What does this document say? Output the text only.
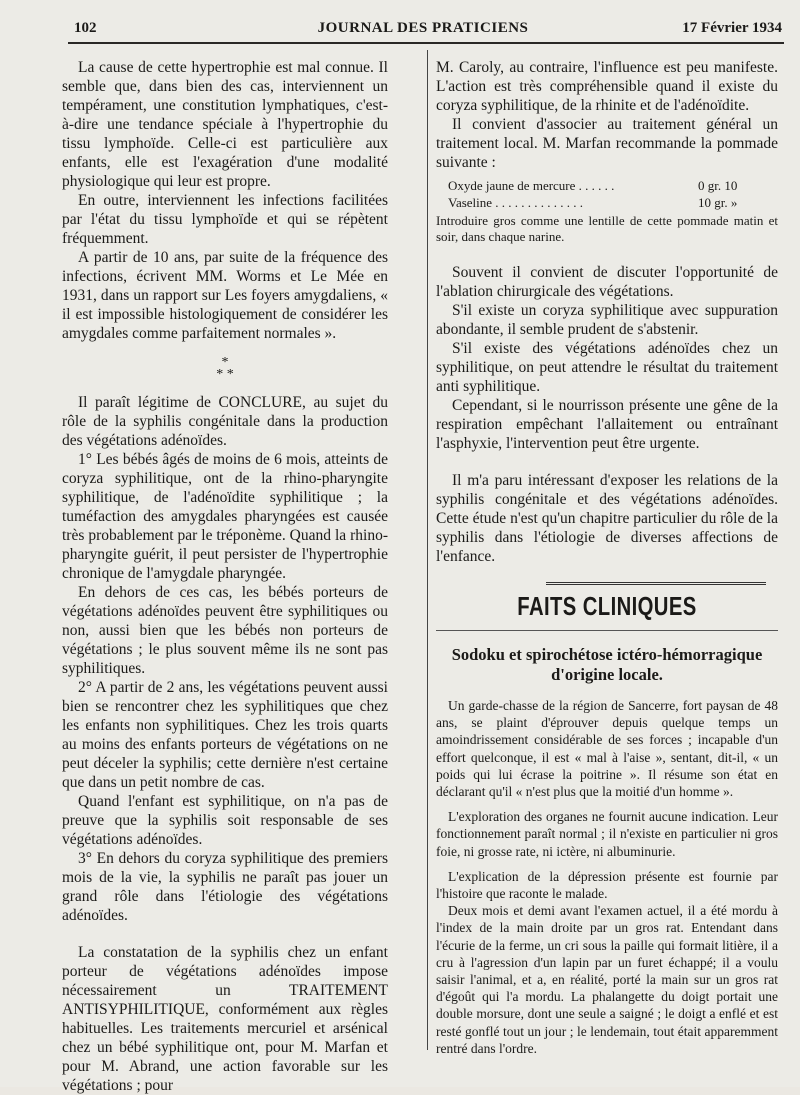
102	JOURNAL DES PRATICIENS	17 Février 1934

La cause de cette hypertrophie est mal connue. Il semble que, dans bien des cas, interviennent un tempérament, une constitution lymphatiques, c'est-à-dire une tendance spéciale à l'hypertrophie du tissu lymphoïde. Celle-ci est particulière aux enfants, elle est l'exagération d'une modalité physiologique qui leur est propre.

En outre, interviennent les infections facilitées par l'état du tissu lymphoïde et qui se répètent fréquemment.

A partir de 10 ans, par suite de la fréquence des infections, écrivent MM. Worms et Le Mée en 1931, dans un rapport sur Les foyers amygdaliens, « il est impossible histologiquement de considérer les amygdales comme parfaitement normales ».

*
* *

Il paraît légitime de CONCLURE, au sujet du rôle de la syphilis congénitale dans la production des végétations adénoïdes.

1° Les bébés âgés de moins de 6 mois, atteints de coryza syphilitique, ont de la rhino-pharyngite syphilitique, de l'adénoïdite syphilitique ; la tuméfaction des amygdales pharyngées est causée très probablement par le tréponème. Quand la rhino-pharyngite guérit, il peut persister de l'hypertrophie chronique de l'amygdale pharyngée.

En dehors de ces cas, les bébés porteurs de végétations adénoïdes peuvent être syphilitiques ou non, aussi bien que les bébés non porteurs de végétations ; le plus souvent même ils ne sont pas syphilitiques.

2° A partir de 2 ans, les végétations peuvent aussi bien se rencontrer chez les syphilitiques que chez les enfants non syphilitiques. Chez les trois quarts au moins des enfants porteurs de végétations on ne peut déceler la syphilis; cette dernière n'est certaine que dans un petit nombre de cas.

Quand l'enfant est syphilitique, on n'a pas de preuve que la syphilis soit responsable de ses végétations adénoïdes.

3° En dehors du coryza syphilitique des premiers mois de la vie, la syphilis ne paraît pas jouer un grand rôle dans l'étiologie des végétations adénoïdes.

La constatation de la syphilis chez un enfant porteur de végétations adénoïdes impose nécessairement un TRAITEMENT ANTISYPHILITIQUE, conformément aux règles habituelles. Les traitements mercuriel et arsénical chez un bébé syphilitique ont, pour M. Marfan et pour M. Abrand, une action favorable sur les végétations ; pour

M. Caroly, au contraire, l'influence est peu manifeste. L'action est très compréhensible quand il existe du coryza syphilitique, de la rhinite et de l'adénoïdite.

Il convient d'associer au traitement général un traitement local. M. Marfan recommande la pommade suivante :

Oxyde jaune de mercure . . . . . .	0 gr. 10
Vaseline . . . . . . . . . . . . . .	10 gr. »
Introduire gros comme une lentille de cette pommade matin et soir, dans chaque narine.

Souvent il convient de discuter l'opportunité de l'ablation chirurgicale des végétations.

S'il existe un coryza syphilitique avec suppuration abondante, il semble prudent de s'abstenir.

S'il existe des végétations adénoïdes chez un syphilitique, on peut attendre le résultat du traitement anti syphilitique.

Cependant, si le nourrisson présente une gêne de la respiration empêchant l'allaitement ou entraînant l'asphyxie, l'intervention peut être urgente.

Il m'a paru intéressant d'exposer les relations de la syphilis congénitale et des végétations adénoïdes. Cette étude n'est qu'un chapitre particulier du rôle de la syphilis dans l'étiologie de diverses affections de l'enfance.

FAITS CLINIQUES
Sodoku et spirochétose ictéro-hémorragique d'origine locale.

Un garde-chasse de la région de Sancerre, fort paysan de 48 ans, se plaint d'éprouver depuis quelque temps un amoindrissement considérable de ses forces ; incapable d'un effort quelconque, il est « mal à l'aise », sentant, dit-il, « un poids qui lui écrase la poitrine ». Il résume son état en déclarant qu'il « n'est plus que la moitié d'un homme ».

L'exploration des organes ne fournit aucune indication. Leur fonctionnement paraît normal ; il n'existe en particulier ni gros foie, ni grosse rate, ni ictère, ni albuminurie.

L'explication de la dépression présente est fournie par l'histoire que raconte le malade.

Deux mois et demi avant l'examen actuel, il a été mordu à l'index de la main droite par un gros rat. Entendant dans l'écurie de la ferme, un cri sous la paille qui formait litière, il a cru à l'agression d'un lapin par un furet échappé; il a voulu saisir l'animal, et a, en réalité, porté la main sur un gros rat d'égoût qui l'a mordu. La phalangette du doigt portait une double morsure, dont une seule a saigné ; le doigt a enflé et est resté gonflé tout un jour ; le lendemain, tout était apparemment rentré dans l'ordre.
